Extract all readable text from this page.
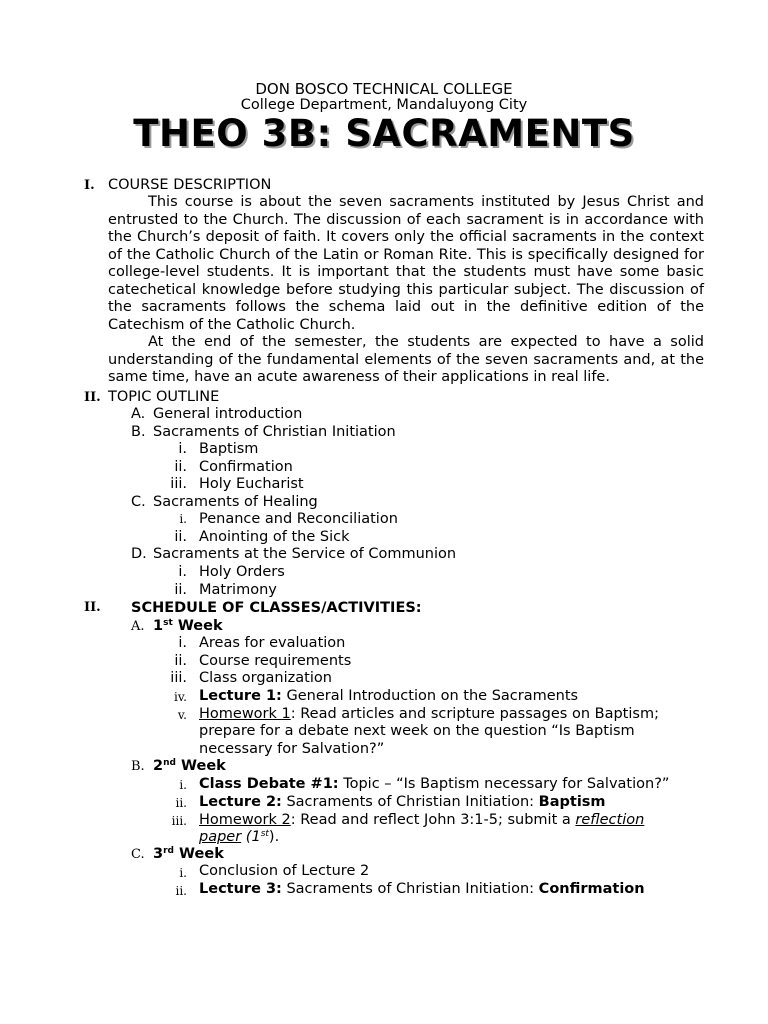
DON BOSCO TECHNICAL COLLEGE
College Department, Mandaluyong City
THEO 3B: SACRAMENTS
I. COURSE DESCRIPTION

This course is about the seven sacraments instituted by Jesus Christ and entrusted to the Church. The discussion of each sacrament is in accordance with the Church’s deposit of faith. It covers only the official sacraments in the context of the Catholic Church of the Latin or Roman Rite. This is specifically designed for college-level students. It is important that the students must have some basic catechetical knowledge before studying this particular subject. The discussion of the sacraments follows the schema laid out in the definitive edition of the Catechism of the Catholic Church.

At the end of the semester, the students are expected to have a solid understanding of the fundamental elements of the seven sacraments and, at the same time, have an acute awareness of their applications in real life.

II. TOPIC OUTLINE
A. General introduction
B. Sacraments of Christian Initiation
i. Baptism
ii. Confirmation
iii. Holy Eucharist
C. Sacraments of Healing
i. Penance and Reconciliation
ii. Anointing of the Sick
D. Sacraments at the Service of Communion
i. Holy Orders
ii. Matrimony
II. SCHEDULE OF CLASSES/ACTIVITIES:
A. 1st Week
i. Areas for evaluation
ii. Course requirements
iii. Class organization
iv. Lecture 1: General Introduction on the Sacraments
v. Homework 1: Read articles and scripture passages on Baptism;
prepare for a debate next week on the question “Is Baptism
necessary for Salvation?”
B. 2nd Week
i. Class Debate #1: Topic – “Is Baptism necessary for Salvation?”
ii. Lecture 2: Sacraments of Christian Initiation: Baptism
iii. Homework 2: Read and reflect John 3:1-5; submit a reflection
paper (1st).
C. 3rd Week
i. Conclusion of Lecture 2
ii. Lecture 3: Sacraments of Christian Initiation: Confirmation
